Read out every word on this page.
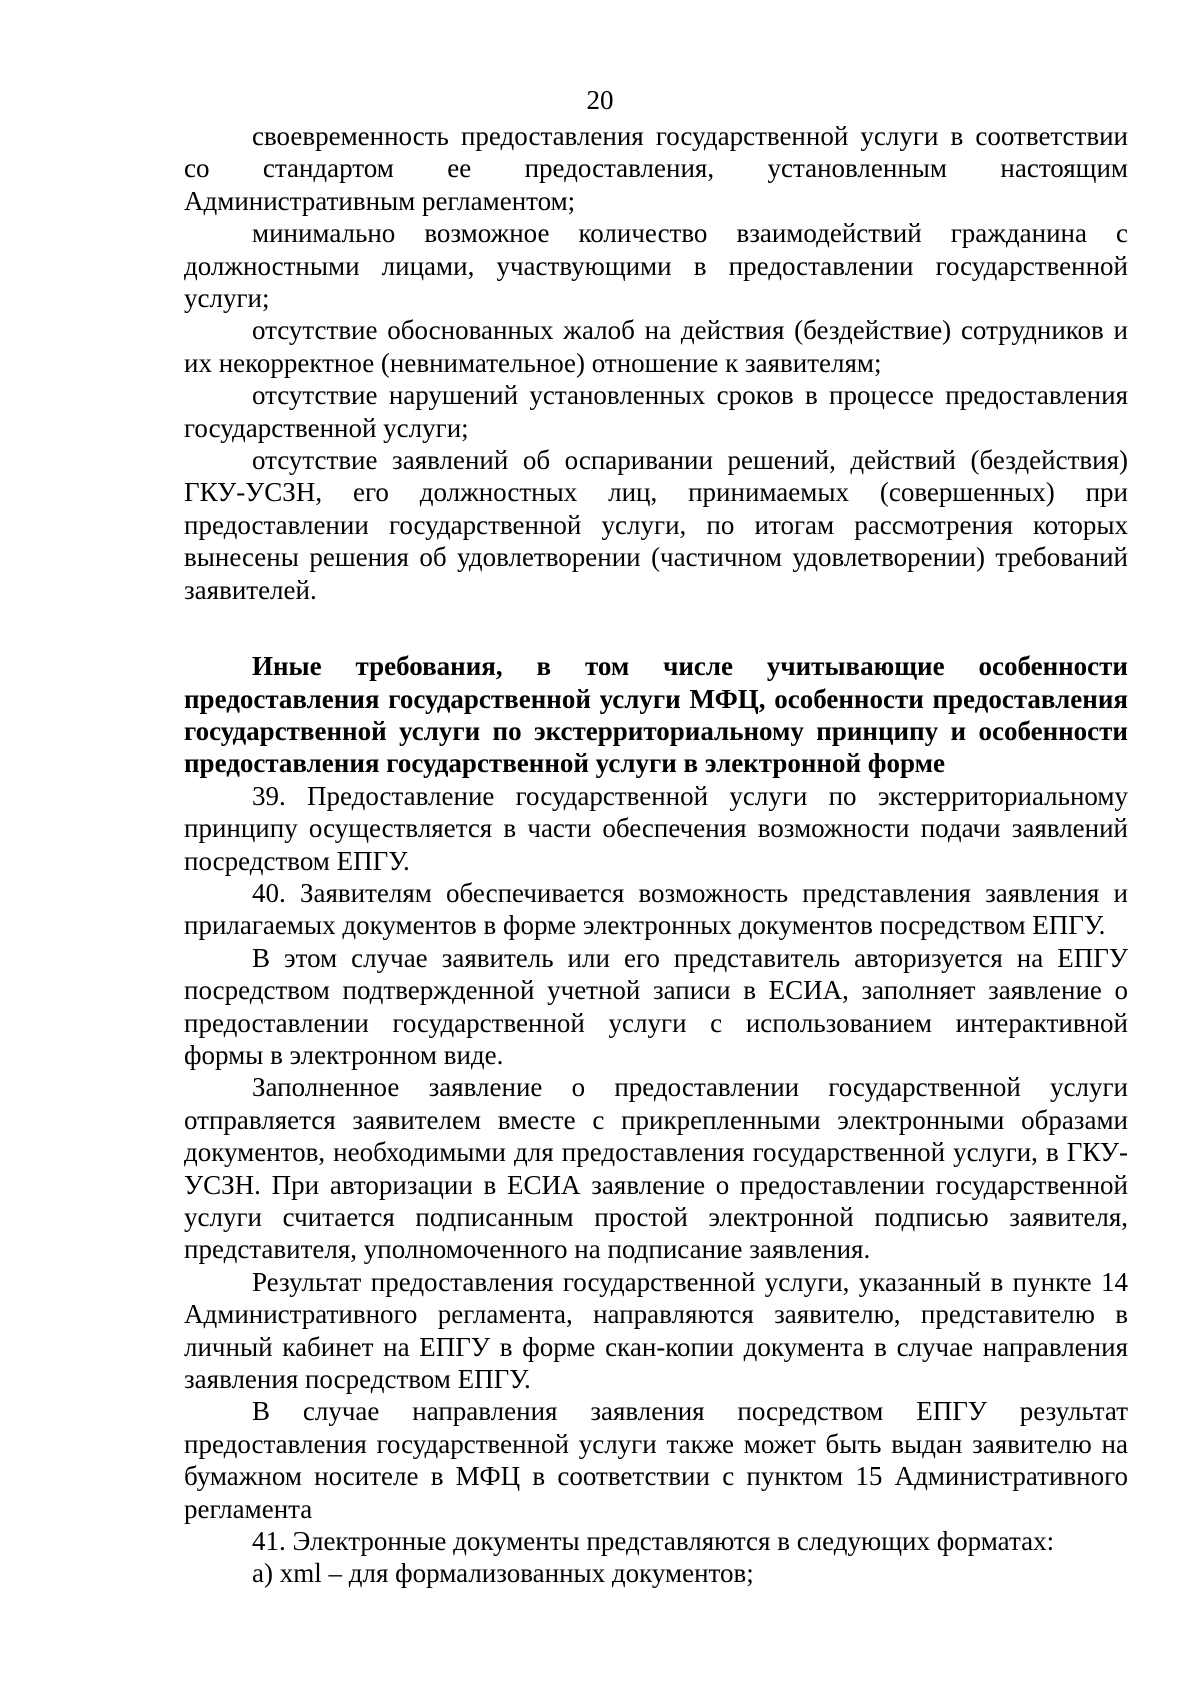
20

своевременность предоставления государственной услуги в соответствии со стандартом ее предоставления, установленным настоящим Административным регламентом;

минимально возможное количество взаимодействий гражданина с должностными лицами, участвующими в предоставлении государственной услуги;

отсутствие обоснованных жалоб на действия (бездействие) сотрудников и их некорректное (невнимательное) отношение к заявителям;

отсутствие нарушений установленных сроков в процессе предоставления государственной услуги;

отсутствие заявлений об оспаривании решений, действий (бездействия) ГКУ-УСЗН, его должностных лиц, принимаемых (совершенных) при предоставлении государственной услуги, по итогам рассмотрения которых вынесены решения об удовлетворении (частичном удовлетворении) требований заявителей.

Иные требования, в том числе учитывающие особенности предоставления государственной услуги МФЦ, особенности предоставления государственной услуги по экстерриториальному принципу и особенности предоставления государственной услуги в электронной форме

39. Предоставление государственной услуги по экстерриториальному принципу осуществляется в части обеспечения возможности подачи заявлений посредством ЕПГУ.

40. Заявителям обеспечивается возможность представления заявления и прилагаемых документов в форме электронных документов посредством ЕПГУ.

В этом случае заявитель или его представитель авторизуется на ЕПГУ посредством подтвержденной учетной записи в ЕСИА, заполняет заявление о предоставлении государственной услуги с использованием интерактивной формы в электронном виде.

Заполненное заявление о предоставлении государственной услуги отправляется заявителем вместе с прикрепленными электронными образами документов, необходимыми для предоставления государственной услуги, в ГКУ-УСЗН. При авторизации в ЕСИА заявление о предоставлении государственной услуги считается подписанным простой электронной подписью заявителя, представителя, уполномоченного на подписание заявления.

Результат предоставления государственной услуги, указанный в пункте 14 Административного регламента, направляются заявителю, представителю в личный кабинет на ЕПГУ в форме скан-копии документа в случае направления заявления посредством ЕПГУ.

В случае направления заявления посредством ЕПГУ результат предоставления государственной услуги также может быть выдан заявителю на бумажном носителе в МФЦ в соответствии с пунктом 15 Административного регламента

41. Электронные документы представляются в следующих форматах:

а) xml – для формализованных документов;
